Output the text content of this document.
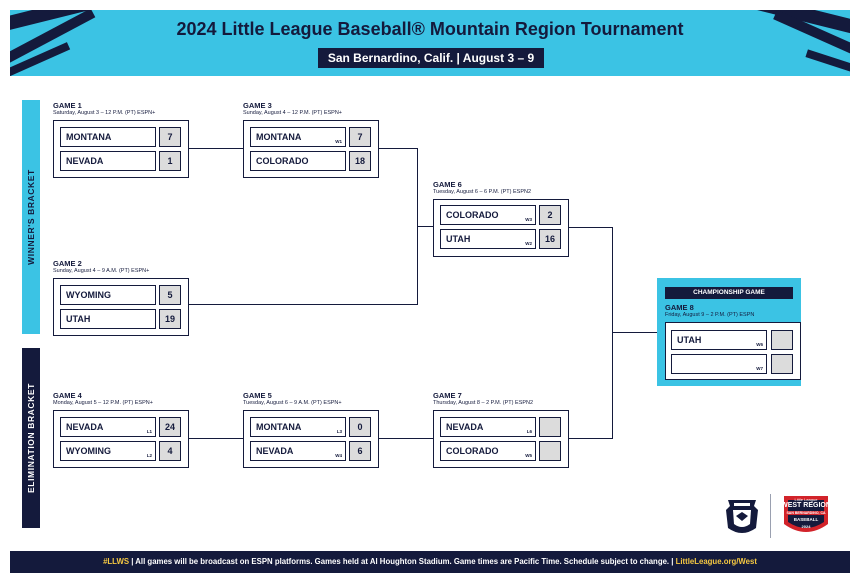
2024 Little League Baseball® Mountain Region Tournament
San Bernardino, Calif. | August 3 – 9
WINNER'S BRACKET
ELIMINATION BRACKET
GAME 1
Saturday, August 3 – 12 P.M. (PT) ESPN+
MONTANA	7
NEVADA	1
GAME 2
Sunday, August 4 – 9 A.M. (PT) ESPN+
WYOMING	5
UTAH	19
GAME 3
Sunday, August 4 – 12 P.M. (PT) ESPN+
MONTANA	W1	7
COLORADO	18
GAME 4
Monday, August 5 – 12 P.M. (PT) ESPN+
NEVADA	L1	24
WYOMING	L2	4
GAME 5
Tuesday, August 6 – 9 A.M. (PT) ESPN+
MONTANA	L3	0
NEVADA	W4	6
GAME 6
Tuesday, August 6 – 6 P.M. (PT) ESPN2
COLORADO	W3	2
UTAH	W2	16
GAME 7
Thursday, August 8 – 2 P.M. (PT) ESPN2
NEVADA	L6
COLORADO	W5
CHAMPIONSHIP GAME
GAME 8
Friday, August 9 – 2 P.M. (PT) ESPN
UTAH	W6
W7
Little League
WEST REGION
SAN BERNARDINO, CA
BASEBALL
2024
#LLWS | All games will be broadcast on ESPN platforms. Games held at Al Houghton Stadium. Game times are Pacific Time. Schedule subject to change. | LittleLeague.org/West
